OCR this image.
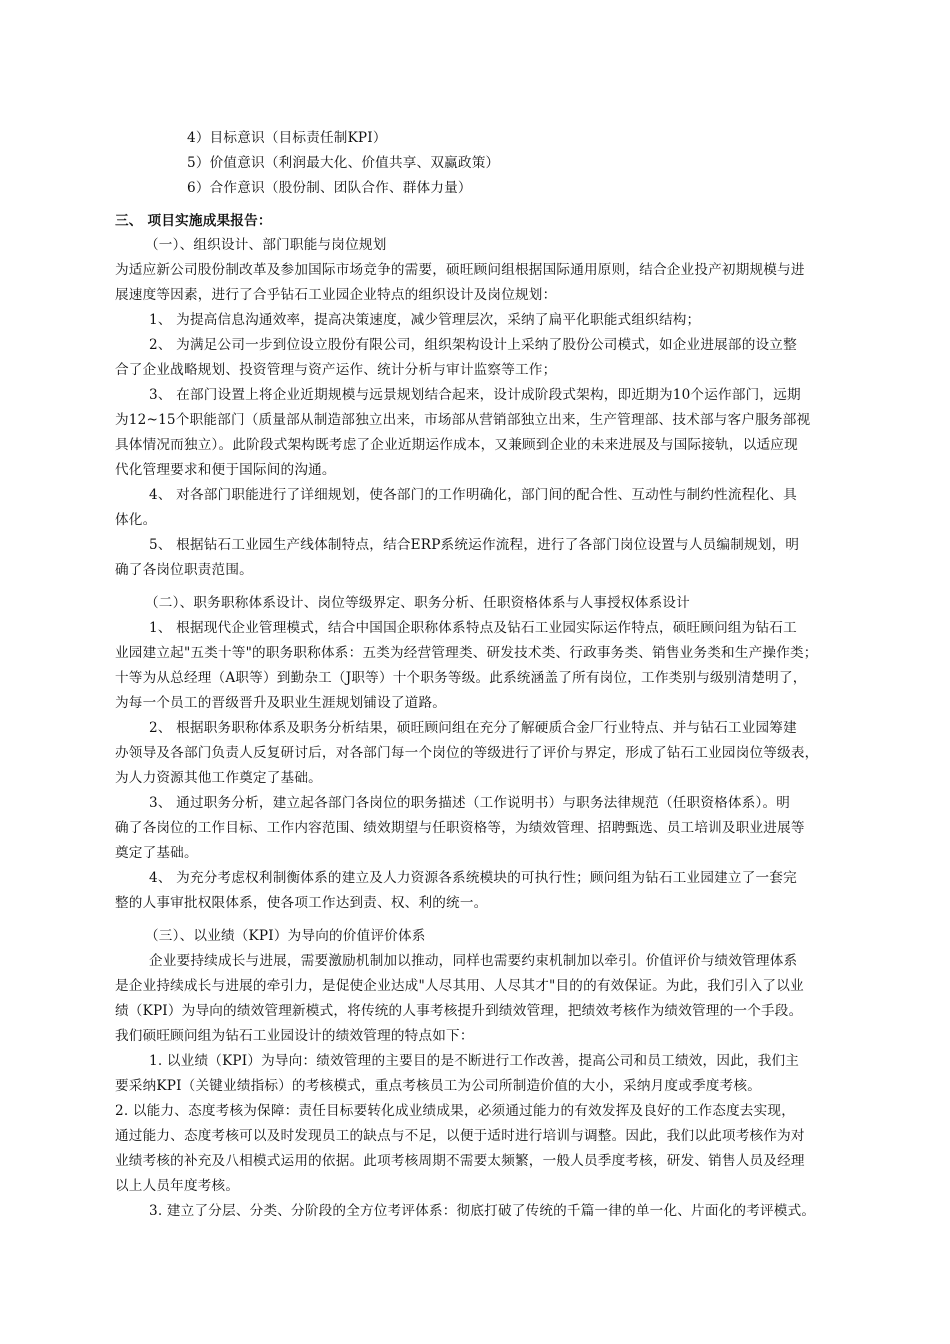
4）目标意识（目标责任制KPI）
5）价值意识（利润最大化、价值共享、双赢政策）
6）合作意识（股份制、团队合作、群体力量）
三、 项目实施成果报告：
（一）、组织设计、部门职能与岗位规划
为适应新公司股份制改革及参加国际市场竞争的需要，硕旺顾问组根据国际通用原则，结合企业投产初期规模与进
展速度等因素，进行了合乎钻石工业园企业特点的组织设计及岗位规划：
1、 为提高信息沟通效率，提高决策速度，减少管理层次，采纳了扁平化职能式组织结构；
2、 为满足公司一步到位设立股份有限公司，组织架构设计上采纳了股份公司模式，如企业进展部的设立整
合了企业战略规划、投资管理与资产运作、统计分析与审计监察等工作；
3、 在部门设置上将企业近期规模与远景规划结合起来，设计成阶段式架构，即近期为10个运作部门，远期
为12~15个职能部门（质量部从制造部独立出来，市场部从营销部独立出来，生产管理部、技术部与客户服务部视
具体情况而独立）。此阶段式架构既考虑了企业近期运作成本，又兼顾到企业的未来进展及与国际接轨，以适应现
代化管理要求和便于国际间的沟通。
4、 对各部门职能进行了详细规划，使各部门的工作明确化，部门间的配合性、互动性与制约性流程化、具
体化。
5、 根据钻石工业园生产线体制特点，结合ERP系统运作流程，进行了各部门岗位设置与人员编制规划，明
确了各岗位职责范围。
（二）、职务职称体系设计、岗位等级界定、职务分析、任职资格体系与人事授权体系设计
1、 根据现代企业管理模式，结合中国国企职称体系特点及钻石工业园实际运作特点，硕旺顾问组为钻石工
业园建立起"五类十等"的职务职称体系：五类为经营管理类、研发技术类、行政事务类、销售业务类和生产操作类；
十等为从总经理（A职等）到勤杂工（J职等）十个职务等级。此系统涵盖了所有岗位，工作类别与级别清楚明了，
为每一个员工的晋级晋升及职业生涯规划铺设了道路。
2、 根据职务职称体系及职务分析结果，硕旺顾问组在充分了解硬质合金厂行业特点、并与钻石工业园筹建
办领导及各部门负责人反复研讨后，对各部门每一个岗位的等级进行了评价与界定，形成了钻石工业园岗位等级表，
为人力资源其他工作奠定了基础。
3、 通过职务分析，建立起各部门各岗位的职务描述（工作说明书）与职务法律规范（任职资格体系）。明
确了各岗位的工作目标、工作内容范围、绩效期望与任职资格等，为绩效管理、招聘甄选、员工培训及职业进展等
奠定了基础。
4、 为充分考虑权利制衡体系的建立及人力资源各系统模块的可执行性；顾问组为钻石工业园建立了一套完
整的人事审批权限体系，使各项工作达到责、权、利的统一。
（三）、以业绩（KPI）为导向的价值评价体系
企业要持续成长与进展，需要激励机制加以推动，同样也需要约束机制加以牵引。价值评价与绩效管理体系
是企业持续成长与进展的牵引力，是促使企业达成"人尽其用、人尽其才"目的的有效保证。为此，我们引入了以业
绩（KPI）为导向的绩效管理新模式，将传统的人事考核提升到绩效管理，把绩效考核作为绩效管理的一个手段。
我们硕旺顾问组为钻石工业园设计的绩效管理的特点如下：
1. 以业绩（KPI）为导向：绩效管理的主要目的是不断进行工作改善，提高公司和员工绩效，因此，我们主
要采纳KPI（关键业绩指标）的考核模式，重点考核员工为公司所制造价值的大小，采纳月度或季度考核。
2. 以能力、态度考核为保障：责任目标要转化成业绩成果，必须通过能力的有效发挥及良好的工作态度去实现，
通过能力、态度考核可以及时发现员工的缺点与不足，以便于适时进行培训与调整。因此，我们以此项考核作为对
业绩考核的补充及八相模式运用的依据。此项考核周期不需要太频繁，一般人员季度考核，研发、销售人员及经理
以上人员年度考核。
3. 建立了分层、分类、分阶段的全方位考评体系：彻底打破了传统的千篇一律的单一化、片面化的考评模式。
